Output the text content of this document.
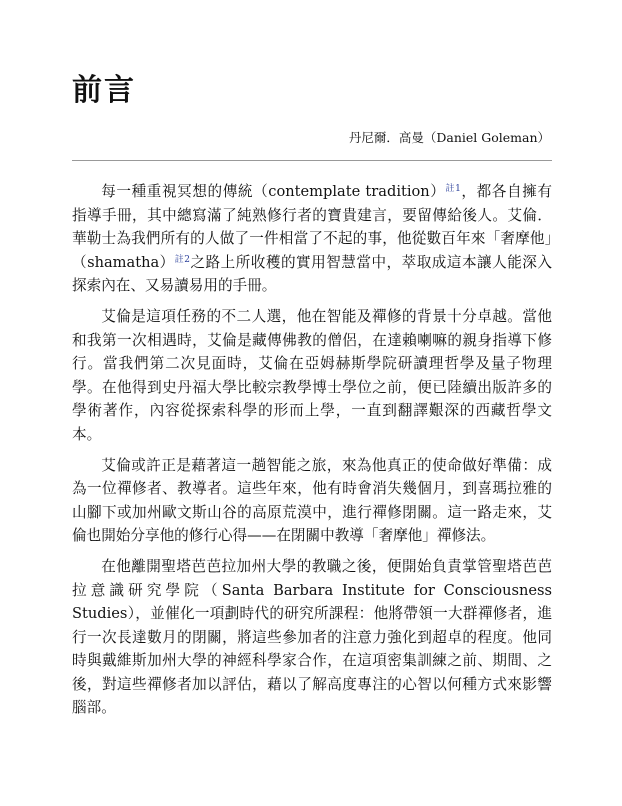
前言
丹尼爾．高曼（Daniel Goleman）

每一種重視冥想的傳統（contemplate tradition）$^{註1}$，都各自擁有指導手冊，其中總寫滿了純熟修行者的寶貴建言，要留傳給後人。艾倫．華勒士為我們所有的人做了一件相當了不起的事，他從數百年來「奢摩他」（shamatha）$^{註2}$之路上所收穫的實用智慧當中，萃取成這本讓人能深入探索內在、又易讀易用的手冊。

艾倫是這項任務的不二人選，他在智能及禪修的背景十分卓越。當他和我第一次相遇時，艾倫是藏傳佛教的僧侶，在達賴喇嘛的親身指導下修行。當我們第二次見面時，艾倫在亞姆赫斯學院研讀理哲學及量子物理學。在他得到史丹福大學比較宗教學博士學位之前，便已陸續出版許多的學術著作，內容從探索科學的形而上學，一直到翻譯艱深的西藏哲學文本。

艾倫或許正是藉著這一趟智能之旅，來為他真正的使命做好準備：成為一位禪修者、教導者。這些年來，他有時會消失幾個月，到喜瑪拉雅的山腳下或加州歐文斯山谷的高原荒漠中，進行禪修閉關。這一路走來，艾倫也開始分享他的修行心得——在閉關中教導「奢摩他」禪修法。

在他離開聖塔芭芭拉加州大學的教職之後，便開始負責掌管聖塔芭芭拉意識研究學院（Santa Barbara Institute for Consciousness Studies），並催化一項劃時代的研究所課程：他將帶領一大群禪修者，進行一次長達數月的閉關，將這些參加者的注意力強化到超卓的程度。他同時與戴維斯加州大學的神經科學家合作，在這項密集訓練之前、期間、之後，對這些禪修者加以評估，藉以了解高度專注的心智以何種方式來影響腦部。
